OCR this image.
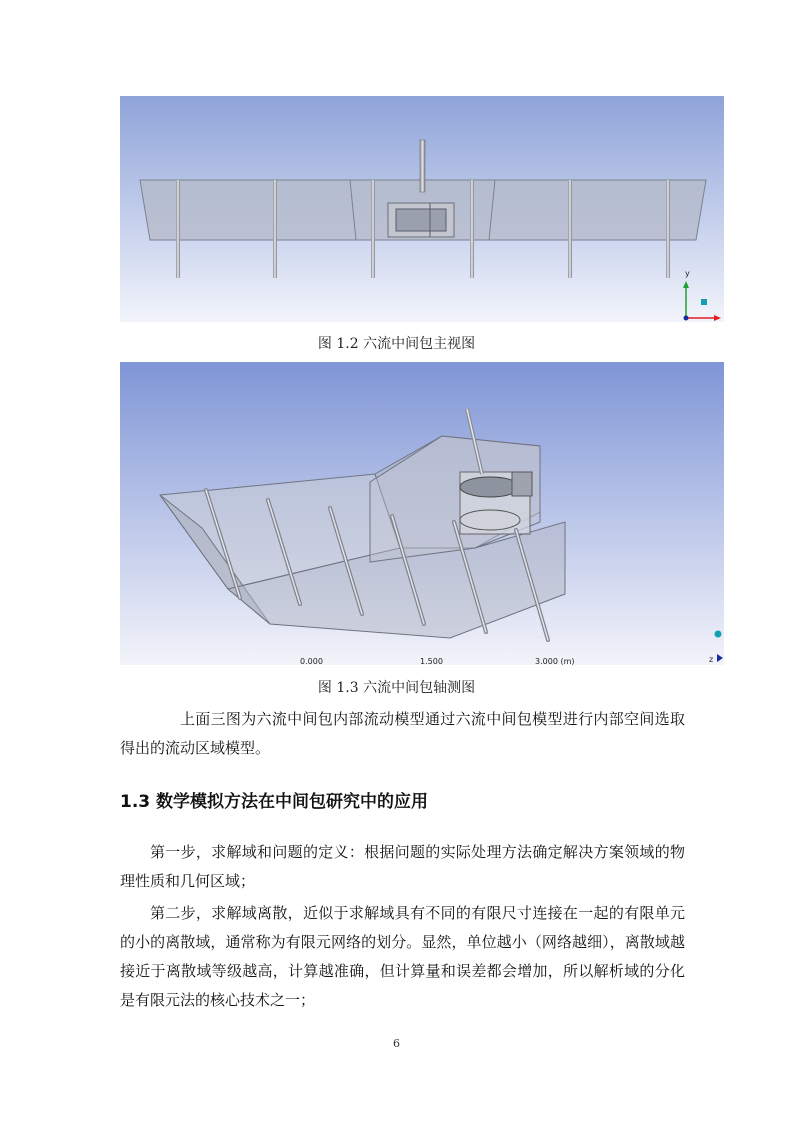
y
图 1.2 六流中间包主视图
0.000	1.500	3.000 (m)	z
图 1.3 六流中间包轴测图

上面三图为六流中间包内部流动模型通过六流中间包模型进行内部空间选取得出的流动区域模型。

1.3 数学模拟方法在中间包研究中的应用

第一步，求解域和问题的定义：根据问题的实际处理方法确定解决方案领域的物理性质和几何区域；

第二步，求解域离散，近似于求解域具有不同的有限尺寸连接在一起的有限单元的小的离散域，通常称为有限元网络的划分。显然，单位越小（网络越细），离散域越接近于离散域等级越高，计算越准确，但计算量和误差都会增加，所以解析域的分化是有限元法的核心技术之一；

6
